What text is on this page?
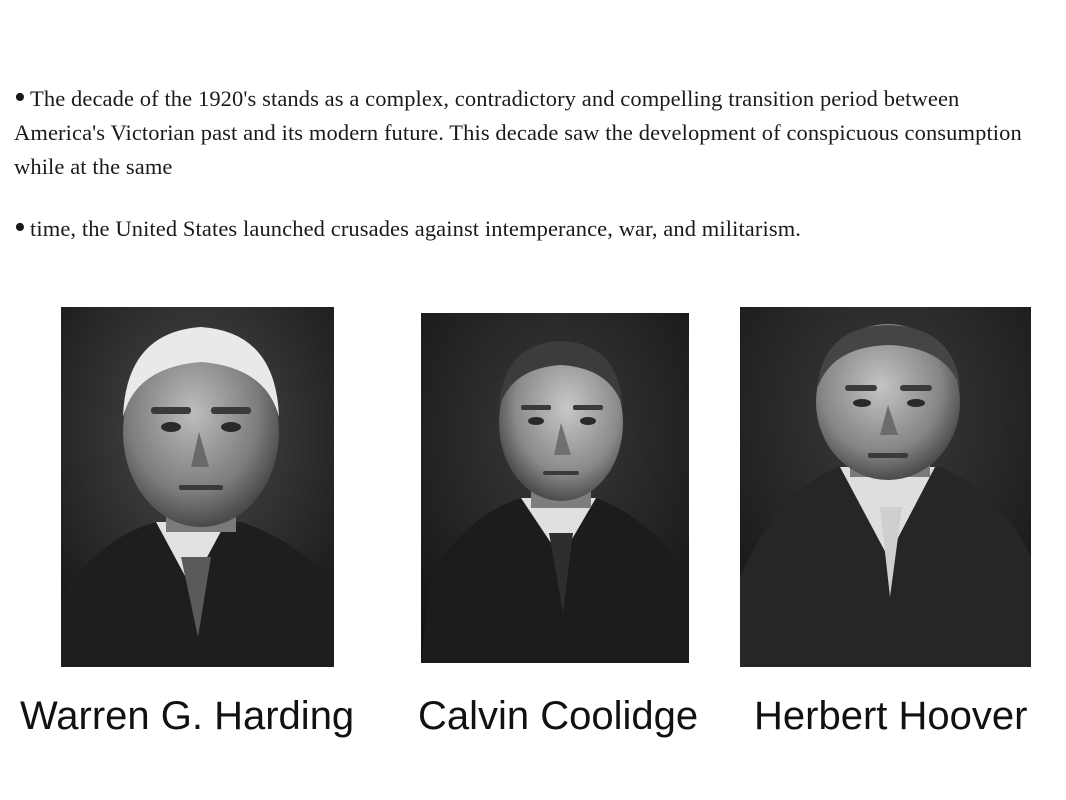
• The decade of the 1920's stands as a complex, contradictory and compelling transition period between America's Victorian past and its modern future. This decade saw the development of conspicuous consumption while at the same
• time, the United States launched crusades against intemperance, war, and militarism.
Warren G. Harding Calvin Coolidge Herbert Hoover
